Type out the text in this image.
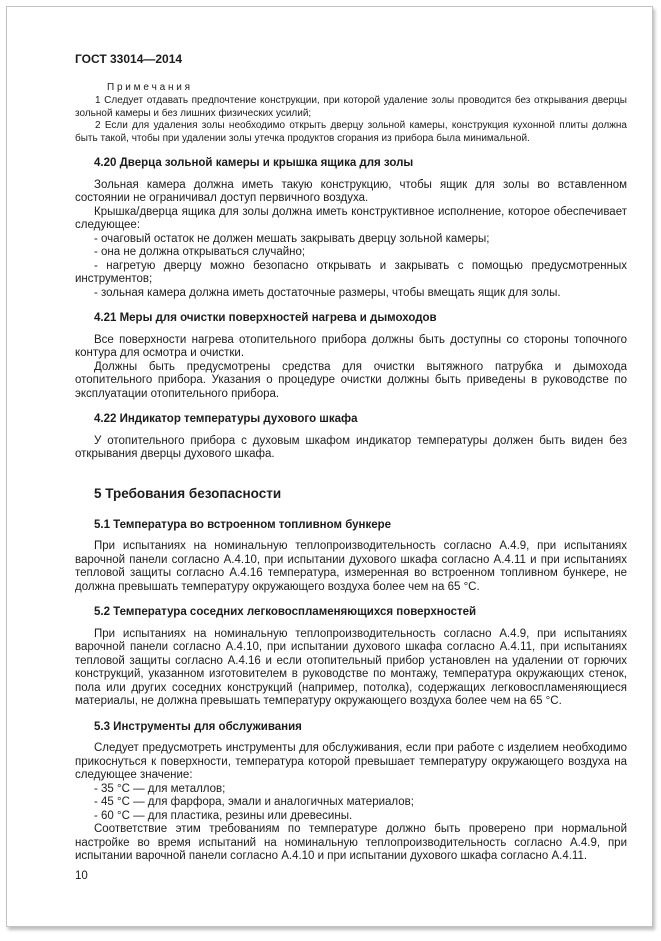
ГОСТ 33014—2014
П р и м е ч а н и я
1 Следует отдавать предпочтение конструкции, при которой удаление золы проводится без открывания дверцы зольной камеры и без лишних физических усилий;
2 Если для удаления золы необходимо открыть дверцу зольной камеры, конструкция кухонной плиты должна быть такой, чтобы при удалении золы утечка продуктов сгорания из прибора была минимальной.
4.20 Дверца зольной камеры и крышка ящика для золы
Зольная камера должна иметь такую конструкцию, чтобы ящик для золы во вставленном состоянии не ограничивал доступ первичного воздуха.
Крышка/дверца ящика для золы должна иметь конструктивное исполнение, которое обеспечивает следующее:
- очаговый остаток не должен мешать закрывать дверцу зольной камеры;
- она не должна открываться случайно;
- нагретую дверцу можно безопасно открывать и закрывать с помощью предусмотренных инструментов;
- зольная камера должна иметь достаточные размеры, чтобы вмещать ящик для золы.
4.21 Меры для очистки поверхностей нагрева и дымоходов
Все поверхности нагрева отопительного прибора должны быть доступны со стороны топочного контура для осмотра и очистки.
Должны быть предусмотрены средства для очистки вытяжного патрубка и дымохода отопительного прибора. Указания о процедуре очистки должны быть приведены в руководстве по эксплуатации отопительного прибора.
4.22 Индикатор температуры духового шкафа
У отопительного прибора с духовым шкафом индикатор температуры должен быть виден без открывания дверцы духового шкафа.
5 Требования безопасности
5.1 Температура во встроенном топливном бункере
При испытаниях на номинальную теплопроизводительность согласно А.4.9, при испытаниях варочной панели согласно А.4.10, при испытании духового шкафа согласно А.4.11 и при испытаниях тепловой защиты согласно А.4.16 температура, измеренная во встроенном топливном бункере, не должна превышать температуру окружающего воздуха более чем на 65 °С.
5.2 Температура соседних легковоспламеняющихся поверхностей
При испытаниях на номинальную теплопроизводительность согласно А.4.9, при испытаниях варочной панели согласно А.4.10, при испытании духового шкафа согласно А.4.11, при испытаниях тепловой защиты согласно А.4.16 и если отопительный прибор установлен на удалении от горючих конструкций, указанном изготовителем в руководстве по монтажу, температура окружающих стенок, пола или других соседних конструкций (например, потолка), содержащих легковоспламеняющиеся материалы, не должна превышать температуру окружающего воздуха более чем на 65 °С.
5.3 Инструменты для обслуживания
Следует предусмотреть инструменты для обслуживания, если при работе с изделием необходимо прикоснуться к поверхности, температура которой превышает температуру окружающего воздуха на следующее значение:
- 35 °С — для металлов;
- 45 °С — для фарфора, эмали и аналогичных материалов;
- 60 °С — для пластика, резины или древесины.
Соответствие этим требованиям по температуре должно быть проверено при нормальной настройке во время испытаний на номинальную теплопроизводительность согласно А.4.9, при испытании варочной панели согласно А.4.10 и при испытании духового шкафа согласно А.4.11.
10
